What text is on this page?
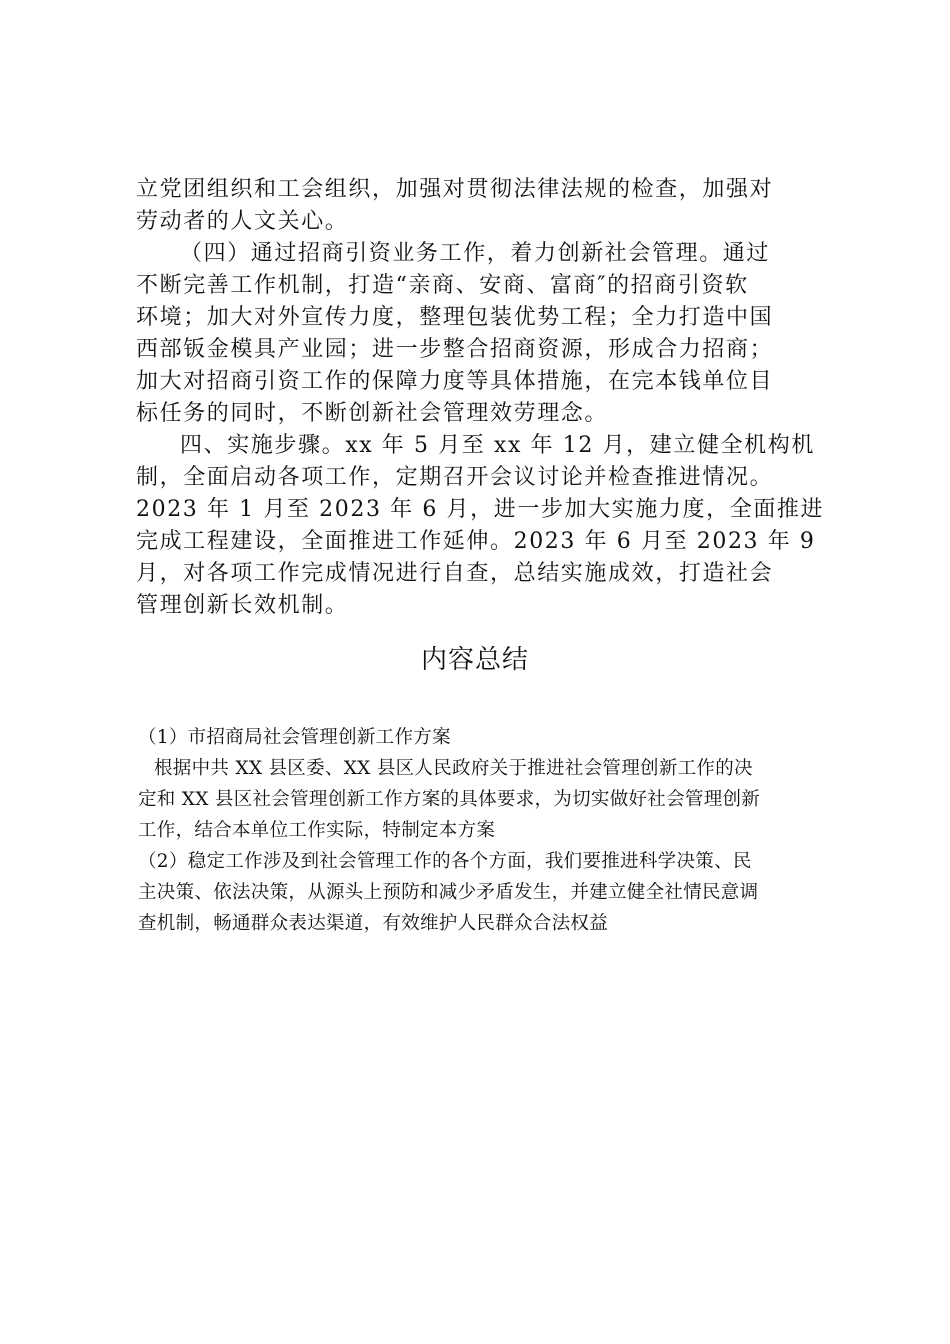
立党团组织和工会组织，加强对贯彻法律法规的检查，加强对
劳动者的人文关心。
（四）通过招商引资业务工作，着力创新社会管理。通过
不断完善工作机制，打造“亲商、安商、富商″的招商引资软
环境；加大对外宣传力度，整理包装优势工程；全力打造中国
西部钣金模具产业园；进一步整合招商资源，形成合力招商；
加大对招商引资工作的保障力度等具体措施，在完本钱单位目
标任务的同时，不断创新社会管理效劳理念。
四、实施步骤。xx 年 5 月至 xx 年 12 月，建立健全机构机
制，全面启动各项工作，定期召开会议讨论并检查推进情况。
2023 年 1 月至 2023 年 6 月，进一步加大实施力度，全面推进
完成工程建设，全面推进工作延伸。2023 年 6 月至 2023 年 9
月，对各项工作完成情况进行自查，总结实施成效，打造社会
管理创新长效机制。
内容总结
（1）市招商局社会管理创新工作方案
根据中共 XX 县区委、XX 县区人民政府关于推进社会管理创新工作的决
定和 XX 县区社会管理创新工作方案的具体要求，为切实做好社会管理创新
工作，结合本单位工作实际，特制定本方案
（2）稳定工作涉及到社会管理工作的各个方面，我们要推进科学决策、民
主决策、依法决策，从源头上预防和减少矛盾发生，并建立健全社情民意调
查机制，畅通群众表达渠道，有效维护人民群众合法权益
